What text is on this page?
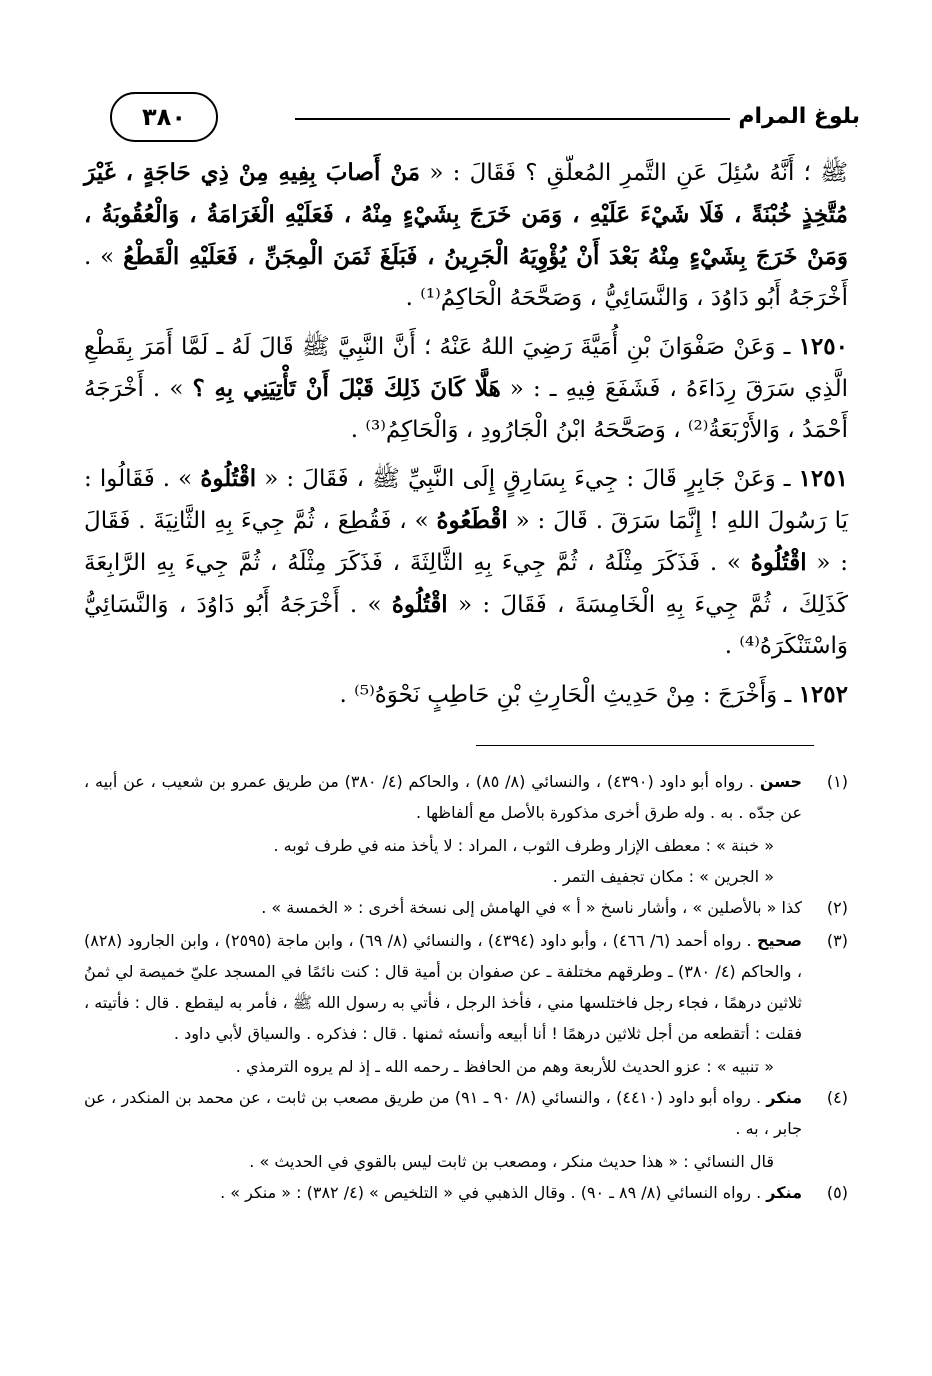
٣٨٠	بلوغ المرام

ﷺ ؛ أَنَّهُ سُئِلَ عَنِ التَّمرِ المُعلّقِ ؟ فَقَالَ : « مَنْ أَصابَ بِفِيهِ مِنْ ذِي حَاجَةٍ ، غَيْرَ مُتَّخِذٍ خُبْنَةً ، فَلَا شَيْءَ عَلَيْهِ ، وَمَن خَرَجَ بِشَيْءٍ مِنْهُ ، فَعَلَيْهِ الْغَرَامَةُ ، وَالْعُقُوبَةُ ، وَمَنْ خَرَجَ بِشَيْءٍ مِنْهُ بَعْدَ أَنْ يُؤْوِيَهُ الْجَرِينُ ، فَبَلَغَ ثَمَنَ الْمِجَنِّ ، فَعَلَيْهِ الْقَطْعُ » . أَخْرَجَهُ أَبُو دَاوُدَ ، وَالنَّسَائِيُّ ، وَصَحَّحَهُ الْحَاكِمُ⁽¹⁾ .

١٢٥٠ ـ وَعَنْ صَفْوَانَ بْنِ أُمَيَّةَ رَضِيَ اللهُ عَنْهُ ؛ أَنَّ النَّبِيَّ ﷺ قَالَ لَهُ ـ لَمَّا أَمَرَ بِقَطْعِ الَّذِي سَرَقَ رِدَاءَهُ ، فَشَفَعَ فِيهِ ـ : « هَلَّا كَانَ ذَلِكَ قَبْلَ أَنْ تَأْتِيَنِي بِهِ ؟ » . أَخْرَجَهُ أَحْمَدُ ، وَالأَرْبَعَةُ⁽²⁾ ، وَصَحَّحَهُ ابْنُ الْجَارُودِ ، وَالْحَاكِمُ⁽³⁾ .

١٢٥١ ـ وَعَنْ جَابِرٍ قَالَ : جِيءَ بِسَارِقٍ إِلَى النَّبِيِّ ﷺ ، فَقَالَ : « اقْتُلُوهُ » . فَقَالُوا : يَا رَسُولَ اللهِ ! إِنَّمَا سَرَقَ . قَالَ : « اقْطَعُوهُ » ، فَقُطِعَ ، ثُمَّ جِيءَ بِهِ الثَّانِيَةَ . فَقَالَ : « اقْتُلُوهُ » . فَذَكَرَ مِثْلَهُ ، ثُمَّ جِيءَ بِهِ الثَّالِثَةَ ، فَذَكَرَ مِثْلَهُ ، ثُمَّ جِيءَ بِهِ الرَّابِعَةَ كَذَلِكَ ، ثُمَّ جِيءَ بِهِ الْخَامِسَةَ ، فَقَالَ : « اقْتُلُوهُ » . أَخْرَجَهُ أَبُو دَاوُدَ ، وَالنَّسَائِيُّ وَاسْتَنْكَرَهُ⁽⁴⁾ .

١٢٥٢ ـ وَأَخْرَجَ : مِنْ حَدِيثِ الْحَارِثِ بْنِ حَاطِبٍ نَحْوَهُ⁽⁵⁾ .

(١)
حسن . رواه أبو داود (٤٣٩٠) ، والنسائي (٨/ ٨٥) ، والحاكم (٤/ ٣٨٠) من طريق عمرو بن شعيب ، عن أبيه ، عن جدّه . به . وله طرق أخرى مذكورة بالأصل مع ألفاظها .
« خبنة » : معطف الإزار وطرف الثوب ، المراد : لا يأخذ منه في طرف ثوبه .
« الجرين » : مكان تجفيف التمر .
(٢)
كذا « بالأصلين » ، وأشار ناسخ « أ » في الهامش إلى نسخة أخرى : « الخمسة » .
(٣)
صحيح . رواه أحمد (٦/ ٤٦٦) ، وأبو داود (٤٣٩٤) ، والنسائي (٨/ ٦٩) ، وابن ماجة (٢٥٩٥) ، وابن الجارود (٨٢٨) ، والحاكم (٤/ ٣٨٠) ـ وطرقهم مختلفة ـ عن صفوان بن أمية قال : كنت نائمًا في المسجد عليّ خميصة لي ثمنُ ثلاثين درهمًا ، فجاء رجل فاختلسها مني ، فأخذ الرجل ، فأتي به رسول الله ﷺ ، فأمر به ليقطع . قال : فأتيته ، فقلت : أتقطعه من أجل ثلاثين درهمًا ! أنا أبيعه وأنسئه ثمنها . قال : فذكره . والسياق لأبي داود .
« تنبيه » : عزو الحديث للأربعة وهم من الحافظ ـ رحمه الله ـ إذ لم يروه الترمذي .
(٤)
منكر . رواه أبو داود (٤٤١٠) ، والنسائي (٨/ ٩٠ ـ ٩١) من طريق مصعب بن ثابت ، عن محمد بن المنكدر ، عن جابر ، به .
قال النسائي : « هذا حديث منكر ، ومصعب بن ثابت ليس بالقوي في الحديث » .
(٥)
منكر . رواه النسائي (٨/ ٨٩ ـ ٩٠) . وقال الذهبي في « التلخيص » (٤/ ٣٨٢) : « منكر » .
